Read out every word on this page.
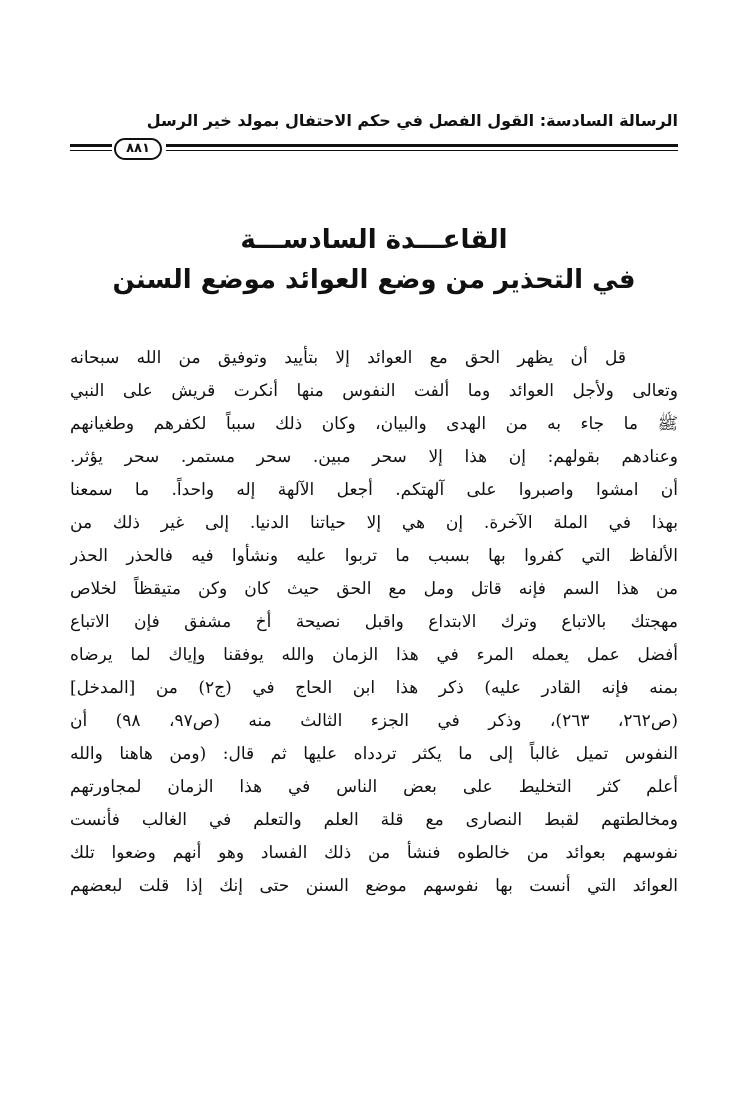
الرسالة السادسة: القول الفصل في حكم الاحتفال بمولد خير الرسل
٨٨١
القاعـــدة السادســـة
في التحذير من وضع العوائد موضع السنن
قل أن يظهر الحق مع العوائد إلا بتأييد وتوفيق من الله سبحانه
وتعالى ولأجل العوائد وما ألفت النفوس منها أنكرت قريش على النبي
ﷺ ما جاء به من الهدى والبيان، وكان ذلك سبباً لكفرهم وطغيانهم
وعنادهم بقولهم: إن هذا إلا سحر مبين. سحر مستمر. سحر يؤثر.
أن امشوا واصبروا على آلهتكم. أجعل الآلهة إله واحداً. ما سمعنا
بهذا في الملة الآخرة. إن هي إلا حياتنا الدنيا. إلى غير ذلك من
الألفاظ التي كفروا بها بسبب ما تربوا عليه ونشأوا فيه فالحذر الحذر
من هذا السم فإنه قاتل ومل مع الحق حيث كان وكن متيقظاً لخلاص
مهجتك بالاتباع وترك الابتداع واقبل نصيحة أخ مشفق فإن الاتباع
أفضل عمل يعمله المرء في هذا الزمان والله يوفقنا وإياك لما يرضاه
بمنه فإنه القادر عليه) ذكر هذا ابن الحاج في (ج٢) من [المدخل]
(ص٢٦٢، ٢٦٣)، وذكر في الجزء الثالث منه (ص٩٧، ٩٨) أن
النفوس تميل غالباً إلى ما يكثر تردداه عليها ثم قال: (ومن هاهنا والله
أعلم كثر التخليط على بعض الناس في هذا الزمان لمجاورتهم
ومخالطتهم لقبط النصارى مع قلة العلم والتعلم في الغالب فأنست
نفوسهم بعوائد من خالطوه فنشأ من ذلك الفساد وهو أنهم وضعوا تلك
العوائد التي أنست بها نفوسهم موضع السنن حتى إنك إذا قلت لبعضهم
